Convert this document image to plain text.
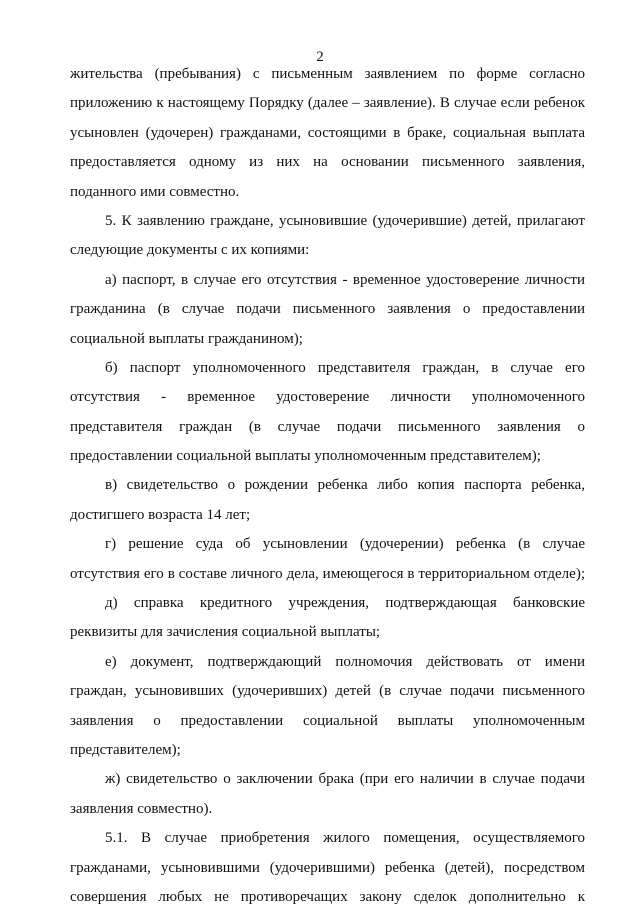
2
жительства (пребывания) с письменным заявлением по форме согласно
приложению к настоящему Порядку (далее – заявление). В случае если ребенок
усыновлен (удочерен) гражданами, состоящими в браке, социальная выплата
предоставляется одному из них на основании письменного заявления,
поданного ими совместно.
5. К заявлению граждане, усыновившие (удочерившие) детей, прилагают
следующие документы с их копиями:
а) паспорт, в случае его отсутствия - временное удостоверение личности
гражданина (в случае подачи письменного заявления о предоставлении
социальной выплаты гражданином);
б) паспорт уполномоченного представителя граждан, в случае его
отсутствия - временное удостоверение личности уполномоченного
представителя граждан (в случае подачи письменного заявления о
предоставлении социальной выплаты уполномоченным представителем);
в) свидетельство о рождении ребенка либо копия паспорта ребенка,
достигшего возраста 14 лет;
г) решение суда об усыновлении (удочерении) ребенка (в случае
отсутствия его в составе личного дела, имеющегося в территориальном отделе);
д) справка кредитного учреждения, подтверждающая банковские
реквизиты для зачисления социальной выплаты;
е) документ, подтверждающий полномочия действовать от имени
граждан, усыновивших (удочеривших) детей (в случае подачи письменного
заявления о предоставлении социальной выплаты уполномоченным
представителем);
ж) свидетельство о заключении брака (при его наличии в случае подачи
заявления совместно).
5.1. В случае приобретения жилого помещения, осуществляемого
гражданами, усыновившими (удочерившими) ребенка (детей), посредством
совершения любых не противоречащих закону сделок дополнительно к
